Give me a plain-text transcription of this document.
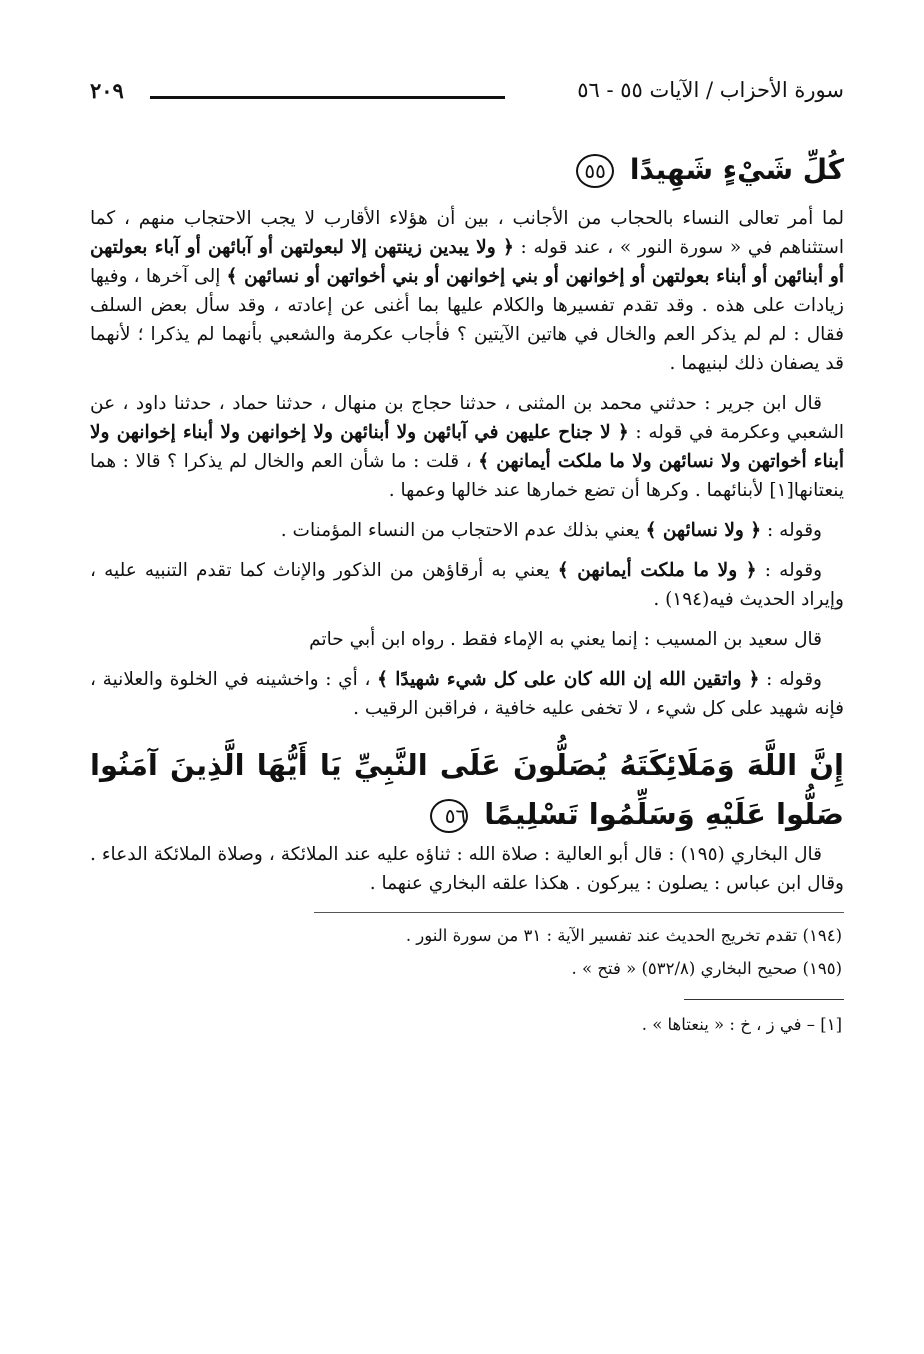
سورة الأحزاب / الآيات ٥٥ - ٥٦
٢٠٩
كُلِّ شَيْءٍ شَهِيدًا ٥٥

لما أمر تعالى النساء بالحجاب من الأجانب ، بين أن هؤلاء الأقارب لا يجب الاحتجاب منهم ، كما استثناهم في « سورة النور » ، عند قوله : ﴿ ولا يبدين زينتهن إلا لبعولتهن أو آبائهن أو آباء بعولتهن أو أبنائهن أو أبناء بعولتهن أو إخوانهن أو بني إخوانهن أو بني أخواتهن أو نسائهن ﴾ إلى آخرها ، وفيها زيادات على هذه . وقد تقدم تفسيرها والكلام عليها بما أغنى عن إعادته ، وقد سأل بعض السلف فقال : لم لم يذكر العم والخال في هاتين الآيتين ؟ فأجاب عكرمة والشعبي بأنهما لم يذكرا ؛ لأنهما قد يصفان ذلك لبنيهما .

قال ابن جرير : حدثني محمد بن المثنى ، حدثنا حجاج بن منهال ، حدثنا حماد ، حدثنا داود ، عن الشعبي وعكرمة في قوله : ﴿ لا جناح عليهن في آبائهن ولا أبنائهن ولا إخوانهن ولا أبناء إخوانهن ولا أبناء أخواتهن ولا نسائهن ولا ما ملكت أيمانهن ﴾ ، قلت : ما شأن العم والخال لم يذكرا ؟ قالا : هما ينعتانها[١] لأبنائهما . وكرها أن تضع خمارها عند خالها وعمها .

وقوله : ﴿ ولا نسائهن ﴾ يعني بذلك عدم الاحتجاب من النساء المؤمنات .

وقوله : ﴿ ولا ما ملكت أيمانهن ﴾ يعني به أرقاؤهن من الذكور والإناث كما تقدم التنبيه عليه ، وإيراد الحديث فيه(١٩٤) .

قال سعيد بن المسيب : إنما يعني به الإماء فقط . رواه ابن أبي حاتم

وقوله : ﴿ واتقين الله إن الله كان على كل شيء شهيدًا ﴾ ، أي : واخشينه في الخلوة والعلانية ، فإنه شهيد على كل شيء ، لا تخفى عليه خافية ، فراقبن الرقيب .

إِنَّ اللَّهَ وَمَلَائِكَتَهُ يُصَلُّونَ عَلَى النَّبِيِّ يَا أَيُّهَا الَّذِينَ آمَنُوا صَلُّوا عَلَيْهِ وَسَلِّمُوا تَسْلِيمًا ٥٦

قال البخاري (١٩٥) : قال أبو العالية : صلاة الله : ثناؤه عليه عند الملائكة ، وصلاة الملائكة الدعاء . وقال ابن عباس : يصلون : يبركون . هكذا علقه البخاري عنهما .

(١٩٤) تقدم تخريج الحديث عند تفسير الآية : ٣١ من سورة النور .

(١٩٥) صحيح البخاري (٥٣٢/٨) « فتح » .

[١] – في ز ، خ : « ينعتاها » .
